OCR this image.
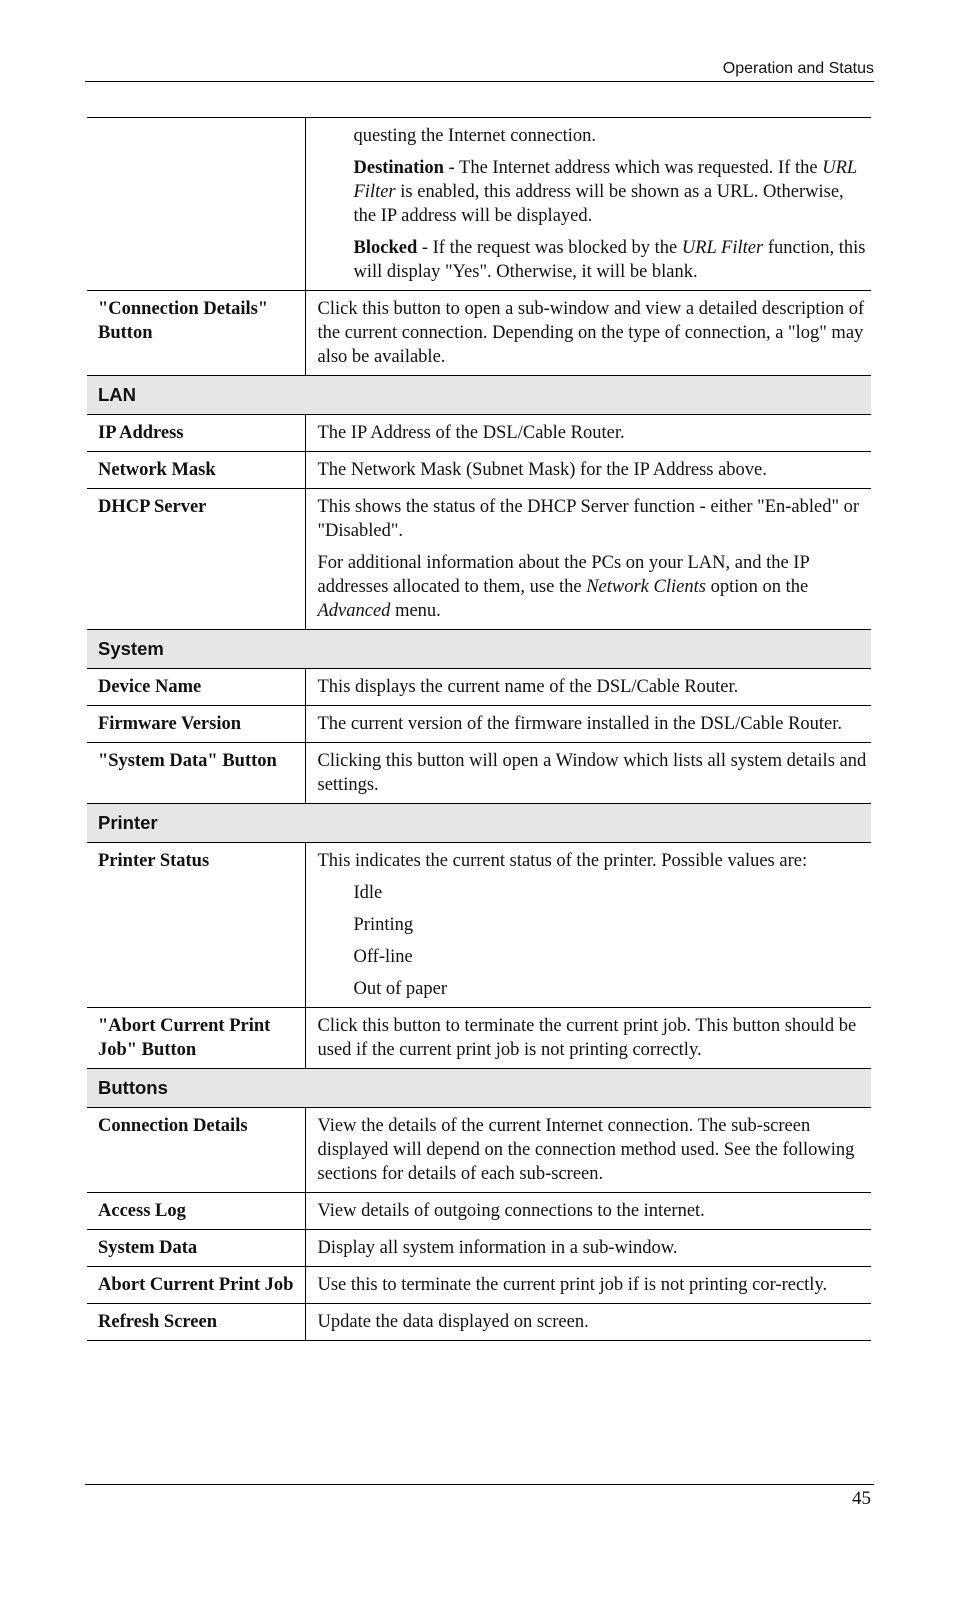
Operation and Status

	questing the Internet connection.

Destination - The Internet address which was requested. If the URL Filter is enabled, this address will be shown as a URL. Otherwise, the IP address will be displayed.

Blocked - If the request was blocked by the URL Filter function, this will display "Yes". Otherwise, it will be blank.

"Connection Details" Button	Click this button to open a sub-window and view a detailed description of the current connection. Depending on the type of connection, a "log" may also be available.
LAN	
IP Address	The IP Address of the DSL/Cable Router.
Network Mask	The Network Mask (Subnet Mask) for the IP Address above.
DHCP Server	This shows the status of the DHCP Server function - either "En-abled" or "Disabled".

For additional information about the PCs on your LAN, and the IP addresses allocated to them, use the Network Clients option on the Advanced menu.

System	
Device Name	This displays the current name of the DSL/Cable Router.
Firmware Version	The current version of the firmware installed in the DSL/Cable Router.
"System Data" Button	Clicking this button will open a Window which lists all system details and settings.
Printer	
Printer Status	This indicates the current status of the printer. Possible values are:
Idle
Printing
Off-line
Out of paper

"Abort Current Print Job" Button	Click this button to terminate the current print job. This button should be used if the current print job is not printing correctly.
Buttons	
Connection Details	View the details of the current Internet connection. The sub-screen displayed will depend on the connection method used. See the following sections for details of each sub-screen.
Access Log	View details of outgoing connections to the internet.
System Data	Display all system information in a sub-window.
Abort Current Print Job	Use this to terminate the current print job if is not printing cor-rectly.
Refresh Screen	Update the data displayed on screen.
45
